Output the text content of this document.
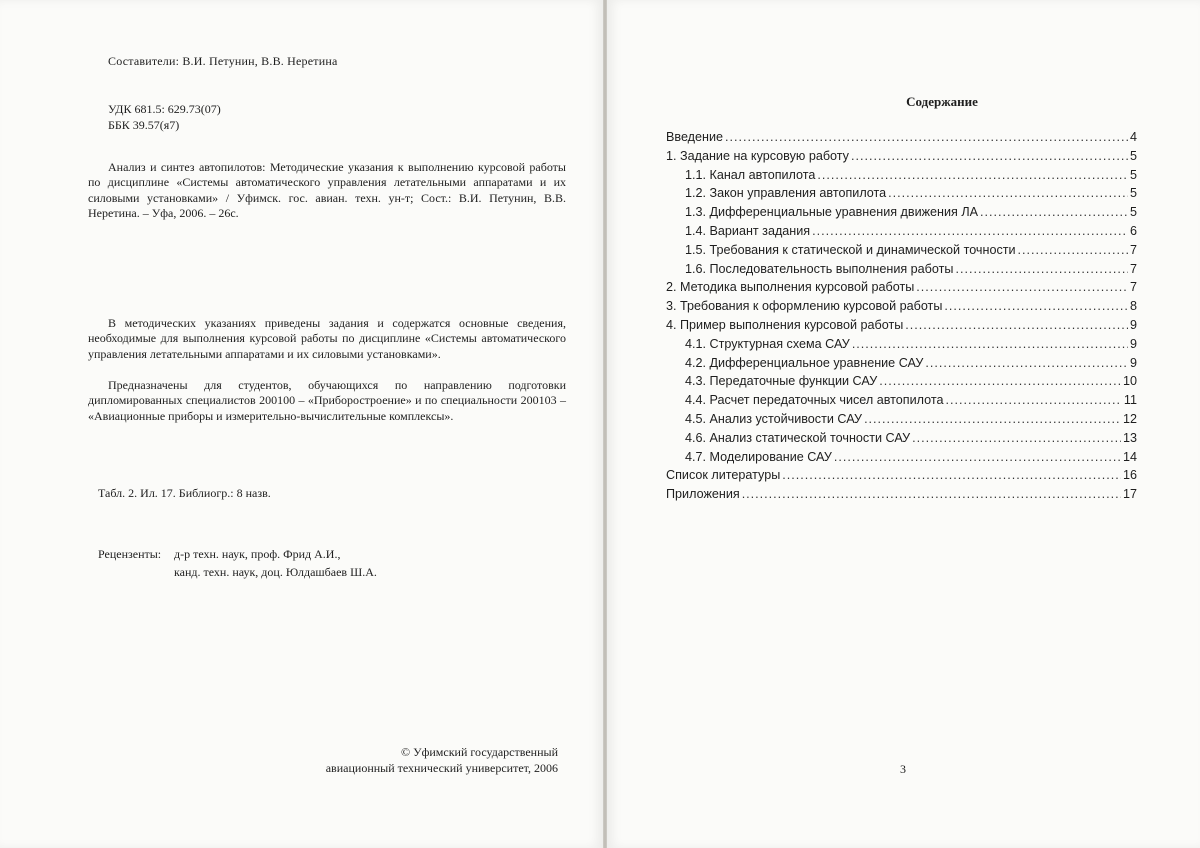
Составители: В.И. Петунин, В.В. Неретина
УДК 681.5: 629.73(07)
ББК 39.57(я7)
Анализ и синтез автопилотов: Методические указания к выполнению курсовой работы по дисциплине «Системы автоматического управления летательными аппаратами и их силовыми установками» / Уфимск. гос. авиан. техн. ун-т; Сост.: В.И. Петунин, В.В. Неретина. – Уфа, 2006. – 26с.
В методических указаниях приведены задания и содержатся основные сведения, необходимые для выполнения курсовой работы по дисциплине «Системы автоматического управления летательными аппаратами и их силовыми установками».
Предназначены для студентов, обучающихся по направлению подготовки дипломированных специалистов 200100 – «Приборостроение» и по специальности 200103 – «Авиационные приборы и измерительно-вычислительные комплексы».
Табл. 2. Ил. 17. Библиогр.: 8 назв.
Рецензенты: д-р техн. наук, проф. Фрид А.И.,
канд. техн. наук, доц. Юлдашбаев Ш.А.
© Уфимский государственный
авиационный технический университет, 2006
Содержание
Введение .....	4
1. Задание на курсовую работу .....	5
1.1. Канал автопилота .....	5
1.2. Закон управления автопилота .....	5
1.3. Дифференциальные уравнения движения ЛА .....	5
1.4. Вариант задания .....	6
1.5. Требования к статической и динамической точности .....	7
1.6. Последовательность выполнения работы .....	7
2. Методика выполнения курсовой работы .....	7
3. Требования к оформлению курсовой работы .....	8
4. Пример выполнения курсовой работы .....	9
4.1. Структурная схема САУ .....	9
4.2. Дифференциальное уравнение САУ .....	9
4.3. Передаточные функции САУ .....	10
4.4. Расчет передаточных чисел автопилота .....	11
4.5. Анализ устойчивости САУ .....	12
4.6. Анализ статической точности САУ .....	13
4.7. Моделирование САУ .....	14
Список литературы .....	16
Приложения .....	17
3
